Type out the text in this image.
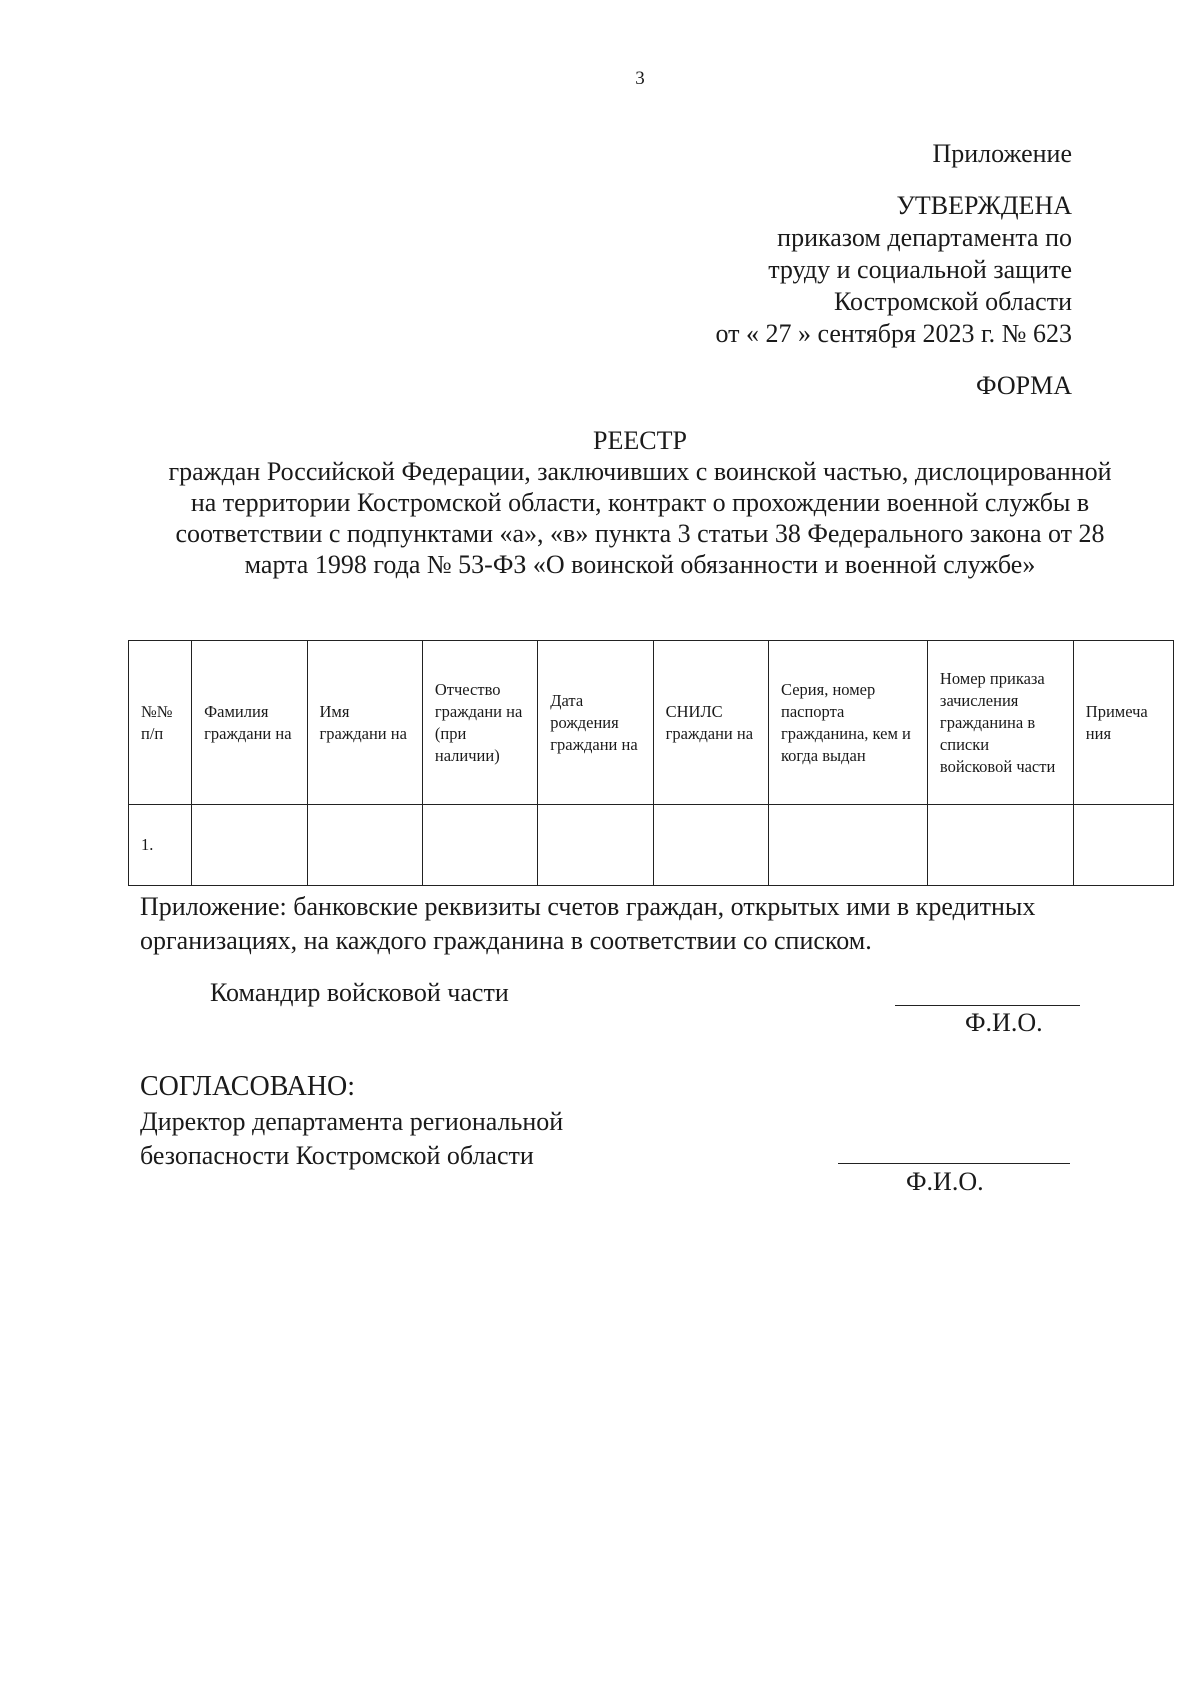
3
Приложение
УТВЕРЖДЕНА
приказом департамента по
труду и социальной защите
Костромской области
от « 27 » сентября 2023 г. № 623
ФОРМА
РЕЕСТР
граждан Российской Федерации, заключивших с воинской частью, дислоцированной на территории Костромской области, контракт о прохождении военной службы в соответствии с подпунктами «а», «в» пункта 3 статьи 38 Федерального закона от 28 марта 1998 года № 53-ФЗ «О воинской обязанности и военной службе»
№№ п/п	Фамилия граждани на	Имя граждани на	Отчество граждани на (при наличии)	Дата рождения граждани на	СНИЛС граждани на	Серия, номер паспорта гражданина, кем и когда выдан	Номер приказа зачисления гражданина в списки войсковой части	Примеча ния
1.								
Приложение: банковские реквизиты счетов граждан, открытых ими в кредитных организациях, на каждого гражданина в соответствии со списком.
Командир войсковой части
Ф.И.О.
СОГЛАСОВАНО:
Директор департамента региональной
безопасности Костромской области
Ф.И.О.
